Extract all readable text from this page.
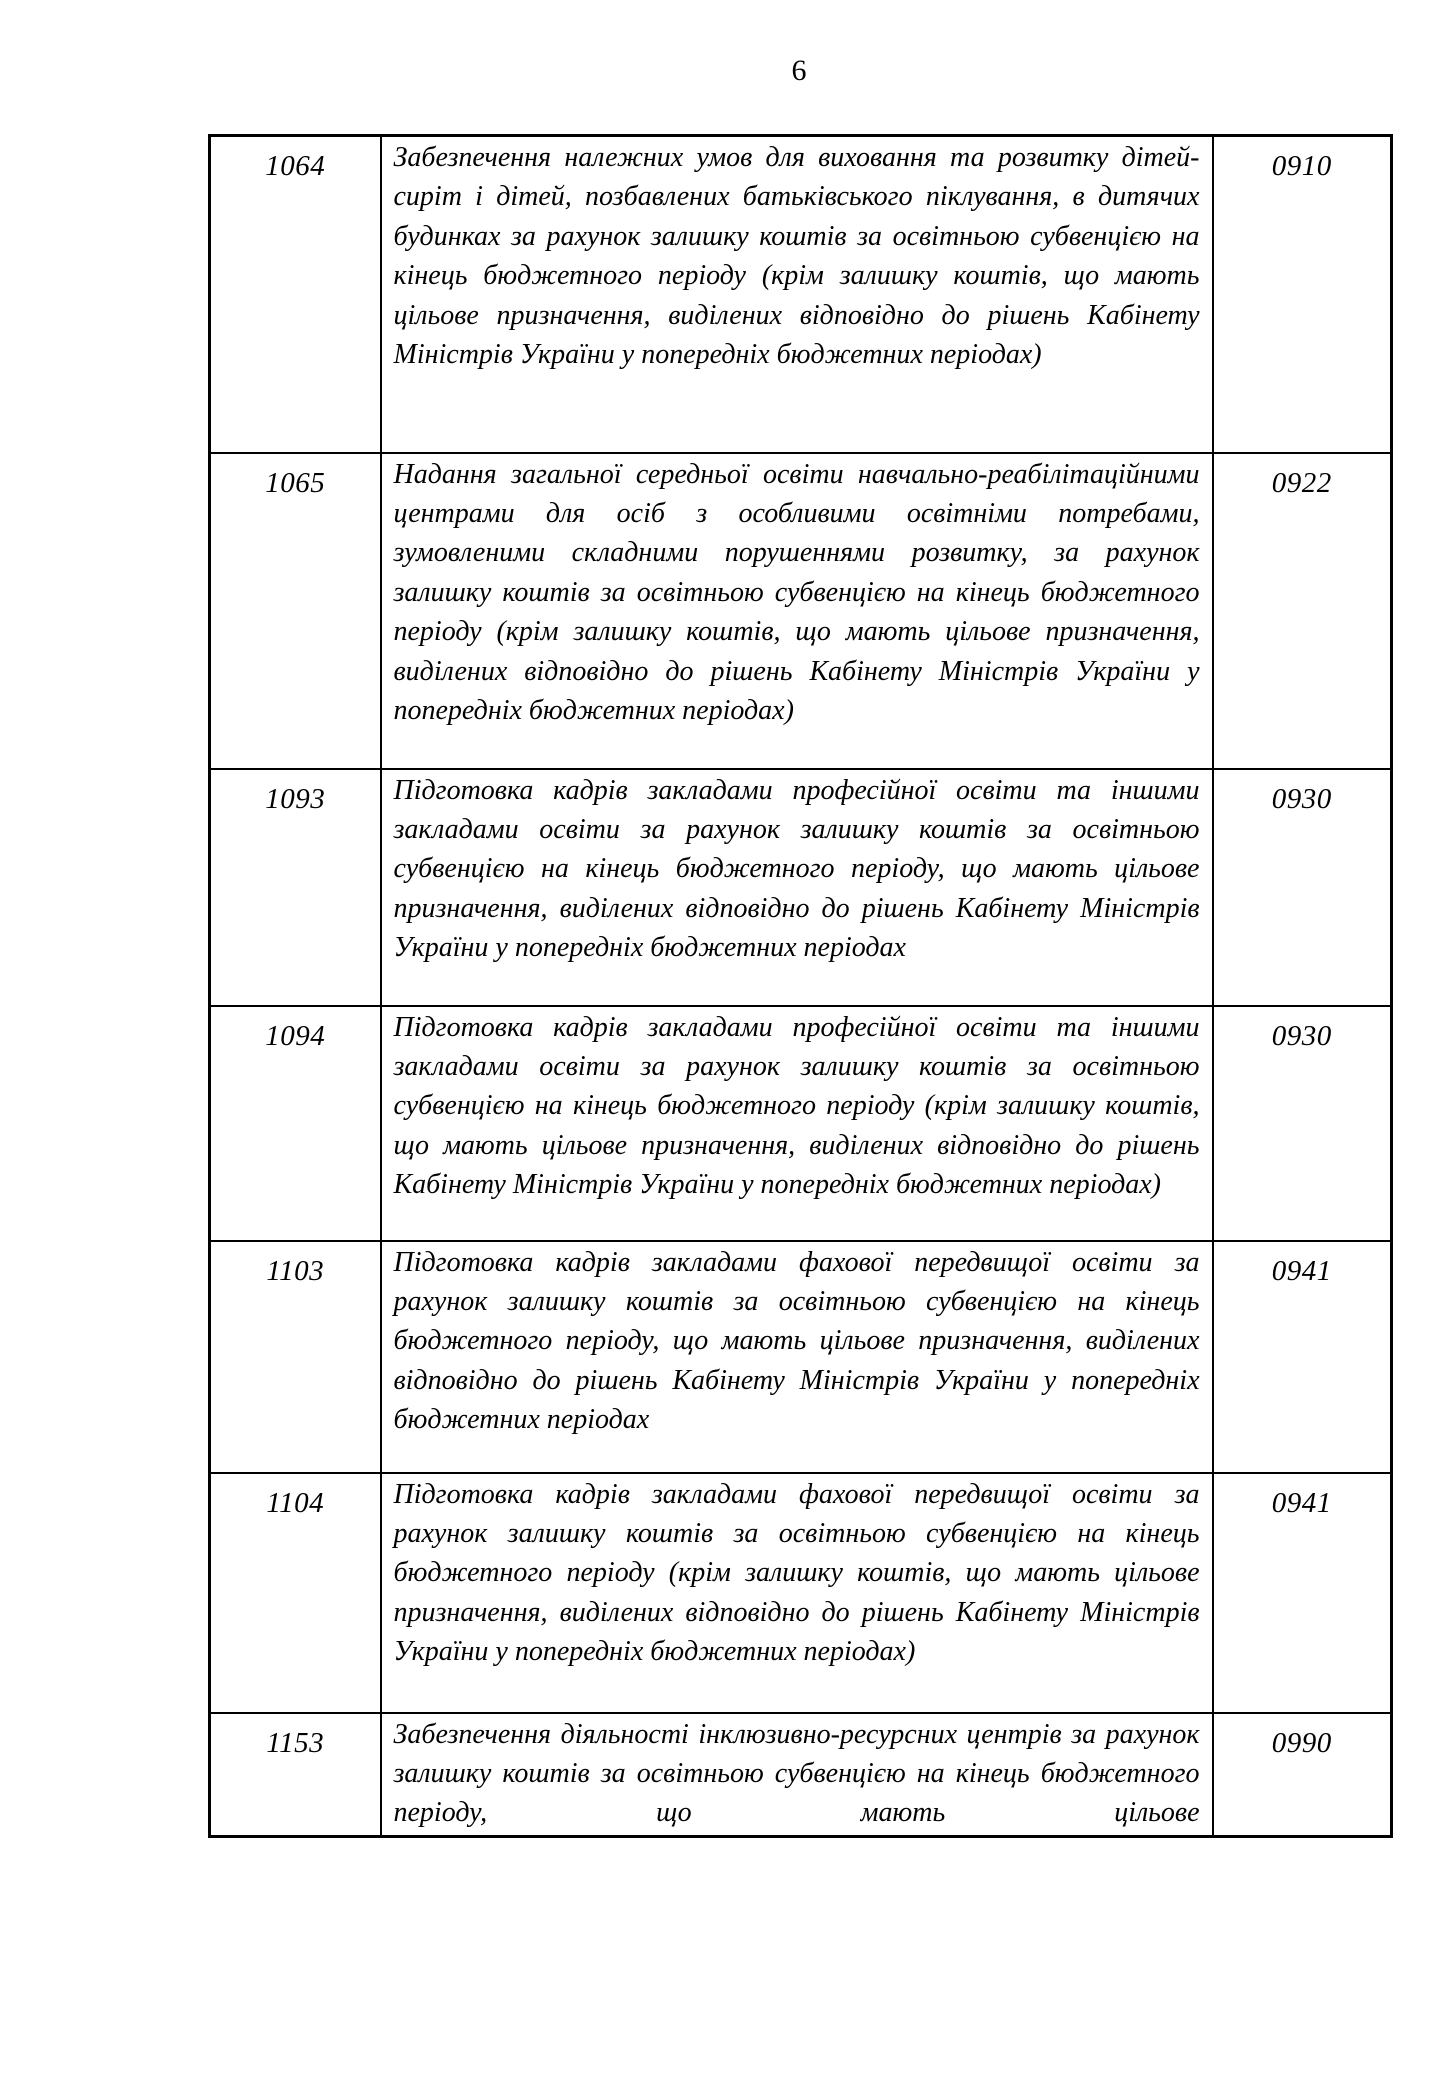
6
1064	Забезпечення належних умов для виховання та розвитку дітей-сиріт і дітей, позбавлених батьківського піклування, в дитячих будинках за рахунок залишку коштів за освітньою субвенцією на кінець бюджетного періоду (крім залишку коштів, що мають цільове призначення, виділених відповідно до рішень Кабінету Міністрів України у попередніх бюджетних періодах)	0910
1065	Надання загальної середньої освіти навчально-реабілітаційними центрами для осіб з особливими освітніми потребами, зумовленими складними порушеннями розвитку, за рахунок залишку коштів за освітньою субвенцією на кінець бюджетного періоду (крім залишку коштів, що мають цільове призначення, виділених відповідно до рішень Кабінету Міністрів України у попередніх бюджетних періодах)	0922
1093	Підготовка кадрів закладами професійної освіти та іншими закладами освіти за рахунок залишку коштів за освітньою субвенцією на кінець бюджетного періоду, що мають цільове призначення, виділених відповідно до рішень Кабінету Міністрів України у попередніх бюджетних періодах	0930
1094	Підготовка кадрів закладами професійної освіти та іншими закладами освіти за рахунок залишку коштів за освітньою субвенцією на кінець бюджетного періоду (крім залишку коштів, що мають цільове призначення, виділених відповідно до рішень Кабінету Міністрів України у попередніх бюджетних періодах)	0930
1103	Підготовка кадрів закладами фахової передвищої освіти за рахунок залишку коштів за освітньою субвенцією на кінець бюджетного періоду, що мають цільове призначення, виділених відповідно до рішень Кабінету Міністрів України у попередніх бюджетних періодах	0941
1104	Підготовка кадрів закладами фахової передвищої освіти за рахунок залишку коштів за освітньою субвенцією на кінець бюджетного періоду (крім залишку коштів, що мають цільове призначення, виділених відповідно до рішень Кабінету Міністрів України у попередніх бюджетних періодах)	0941
1153	Забезпечення діяльності інклюзивно-ресурсних центрів за рахунок залишку коштів за освітньою субвенцією на кінець бюджетного періоду, що мають цільове	0990
